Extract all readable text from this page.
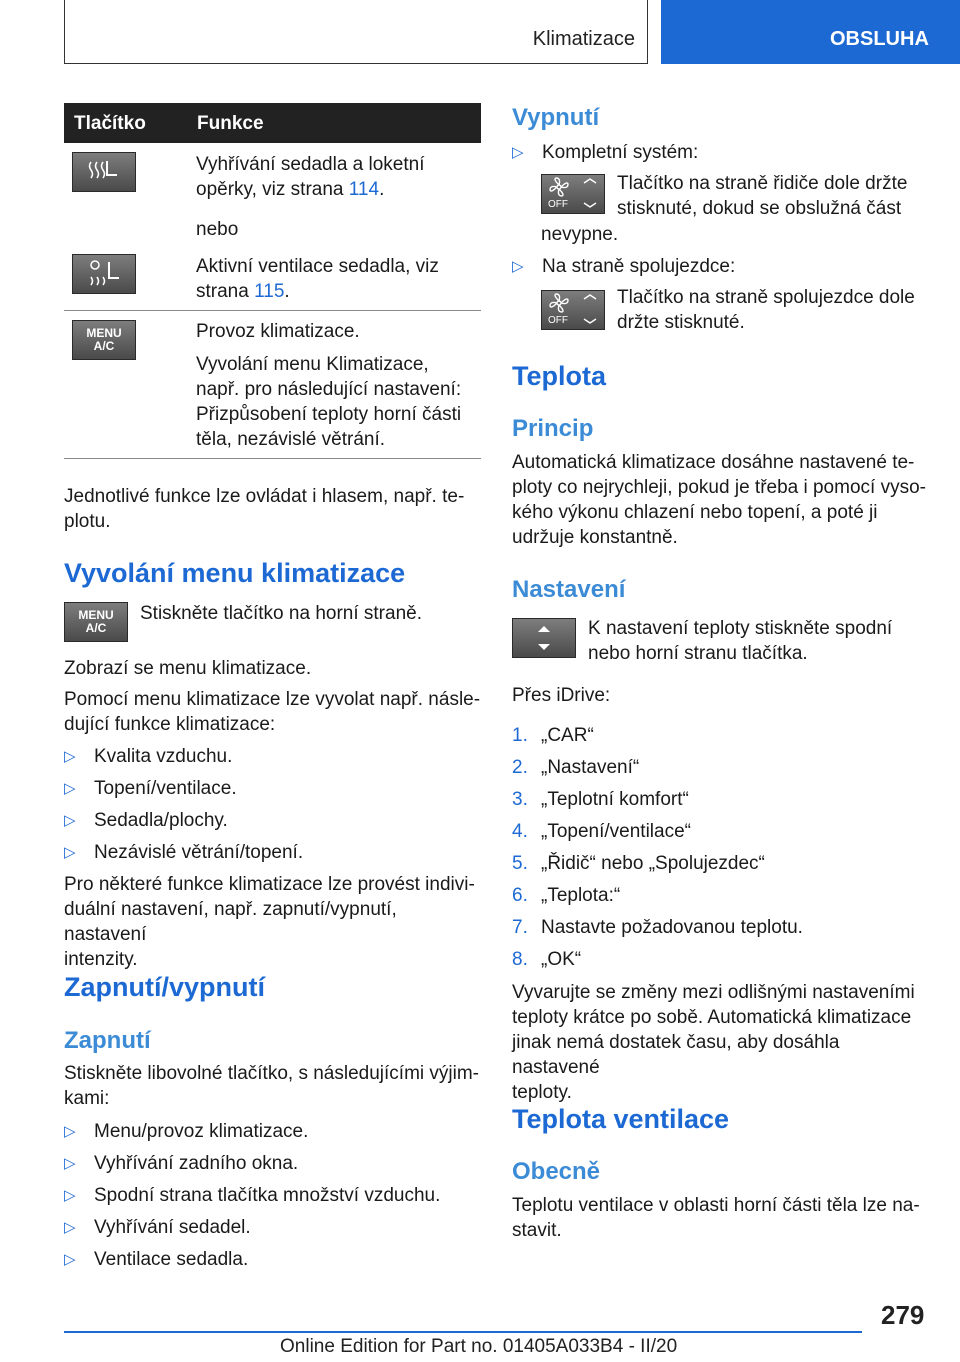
Klimatizace	OBSLUHA
Tlačítko	Funkce

Vyhřívání sedadla a loketní
opěrky, viz strana 114.

nebo

Aktivní ventilace sedadla, viz
strana 115.

MENU
A/C

Provoz klimatizace.

Vyvolání menu Klimatizace,
např. pro následující nastavení:
Přizpůsobení teploty horní části
těla, nezávislé větrání.

Jednotlivé funkce lze ovládat i hlasem, např. te-
plotu.
Vyvolání menu klimatizace
MENU
A/C
Stiskněte tlačítko na horní straně.
Zobrazí se menu klimatizace.
Pomocí menu klimatizace lze vyvolat např. násle-
dující funkce klimatizace:
▷ Kvalita vzduchu.
▷ Topení/ventilace.
▷ Sedadla/plochy.
▷ Nezávislé větrání/topení.
Pro některé funkce klimatizace lze provést indivi-
duální nastavení, např. zapnutí/vypnutí, nastavení
intenzity.
Zapnutí/vypnutí
Zapnutí
Stiskněte libovolné tlačítko, s následujícími výjim-
kami:
▷ Menu/provoz klimatizace.
▷ Vyhřívání zadního okna.
▷ Spodní strana tlačítka množství vzduchu.
▷ Vyhřívání sedadel.
▷ Ventilace sedadla.
Vypnutí
▷ Kompletní systém:
OFF
Tlačítko na straně řidiče dole držte
stisknuté, dokud se obslužná část
nevypne.
▷ Na straně spolujezdce:
OFF
Tlačítko na straně spolujezdce dole
držte stisknuté.
Teplota
Princip
Automatická klimatizace dosáhne nastavené te-
ploty co nejrychleji, pokud je třeba i pomocí vyso-
kého výkonu chlazení nebo topení, a poté ji
udržuje konstantně.
Nastavení
K nastavení teploty stiskněte spodní
nebo horní stranu tlačítka.
Přes iDrive:
1. „CAR“
2. „Nastavení“
3. „Teplotní komfort“
4. „Topení/ventilace“
5. „Řidič“ nebo „Spolujezdec“
6. „Teplota:“
7. Nastavte požadovanou teplotu.
8. „OK“
Vyvarujte se změny mezi odlišnými nastaveními
teploty krátce po sobě. Automatická klimatizace
jinak nemá dostatek času, aby dosáhla nastavené
teploty.
Teplota ventilace
Obecně
Teplotu ventilace v oblasti horní části těla lze na-
stavit.
279
Online Edition for Part no. 01405A033B4 - II/20
